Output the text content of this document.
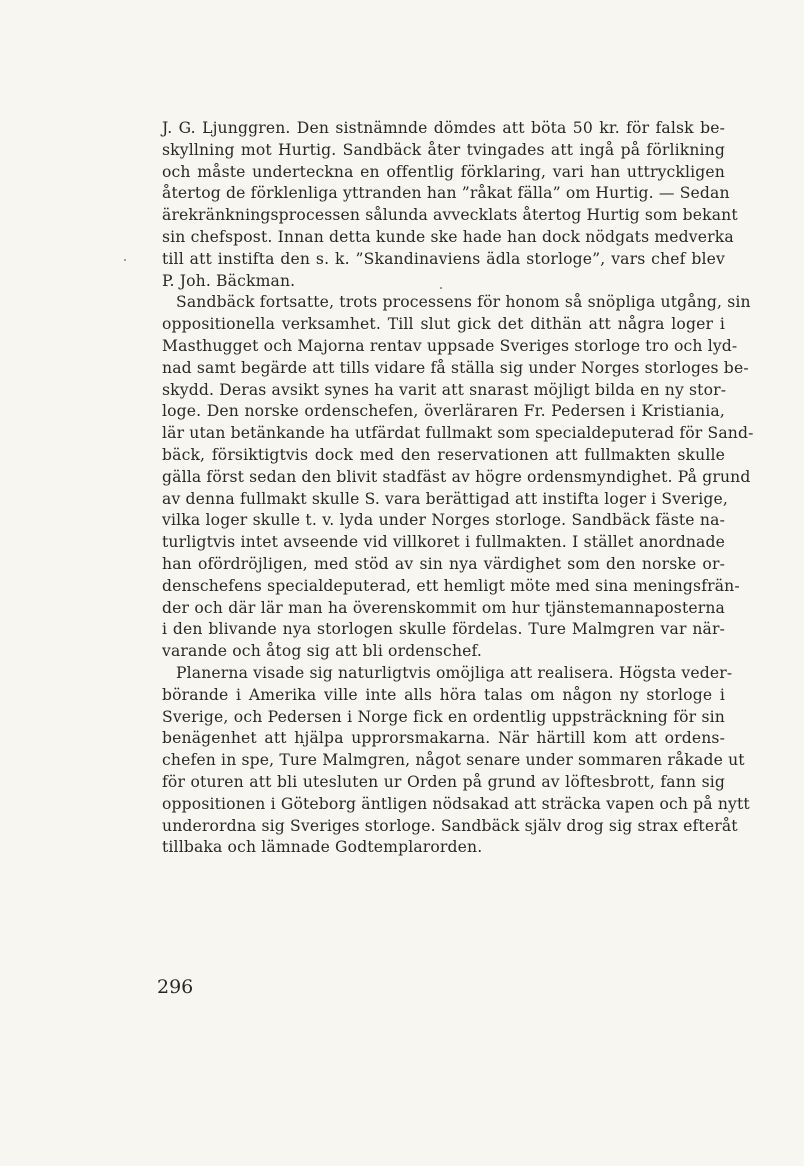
J. G. Ljunggren. Den sistnämnde dömdes att böta 50 kr. för falsk be-
skyllning mot Hurtig. Sandbäck åter tvingades att ingå på förlikning
och måste underteckna en offentlig förklaring, vari han uttryckligen
återtog de förklenliga yttranden han ”råkat fälla” om Hurtig. — Sedan
ärekränkningsprocessen sålunda avvecklats återtog Hurtig som bekant
sin chefspost. Innan detta kunde ske hade han dock nödgats medverka
till att instifta den s. k. ”Skandinaviens ädla storloge”, vars chef blev
P. Joh. Bäckman.
Sandbäck fortsatte, trots processens för honom så snöpliga utgång, sin
oppositionella verksamhet. Till slut gick det dithän att några loger i
Masthugget och Majorna rentav uppsade Sveriges storloge tro och lyd-
nad samt begärde att tills vidare få ställa sig under Norges storloges be-
skydd. Deras avsikt synes ha varit att snarast möjligt bilda en ny stor-
loge. Den norske ordenschefen, överläraren Fr. Pedersen i Kristiania,
lär utan betänkande ha utfärdat fullmakt som specialdeputerad för Sand-
bäck, försiktigtvis dock med den reservationen att fullmakten skulle
gälla först sedan den blivit stadfäst av högre ordensmyndighet. På grund
av denna fullmakt skulle S. vara berättigad att instifta loger i Sverige,
vilka loger skulle t. v. lyda under Norges storloge. Sandbäck fäste na-
turligtvis intet avseende vid villkoret i fullmakten. I stället anordnade
han ofördröjligen, med stöd av sin nya värdighet som den norske or-
denschefens specialdeputerad, ett hemligt möte med sina meningsfrän-
der och där lär man ha överenskommit om hur tjänstemannaposterna
i den blivande nya storlogen skulle fördelas. Ture Malmgren var när-
varande och åtog sig att bli ordenschef.
Planerna visade sig naturligtvis omöjliga att realisera. Högsta veder-
börande i Amerika ville inte alls höra talas om någon ny storloge i
Sverige, och Pedersen i Norge fick en ordentlig uppsträckning för sin
benägenhet att hjälpa upprorsmakarna. När härtill kom att ordens-
chefen in spe, Ture Malmgren, något senare under sommaren råkade ut
för oturen att bli utesluten ur Orden på grund av löftesbrott, fann sig
oppositionen i Göteborg äntligen nödsakad att sträcka vapen och på nytt
underordna sig Sveriges storloge. Sandbäck själv drog sig strax efteråt
tillbaka och lämnade Godtemplarorden.
296
